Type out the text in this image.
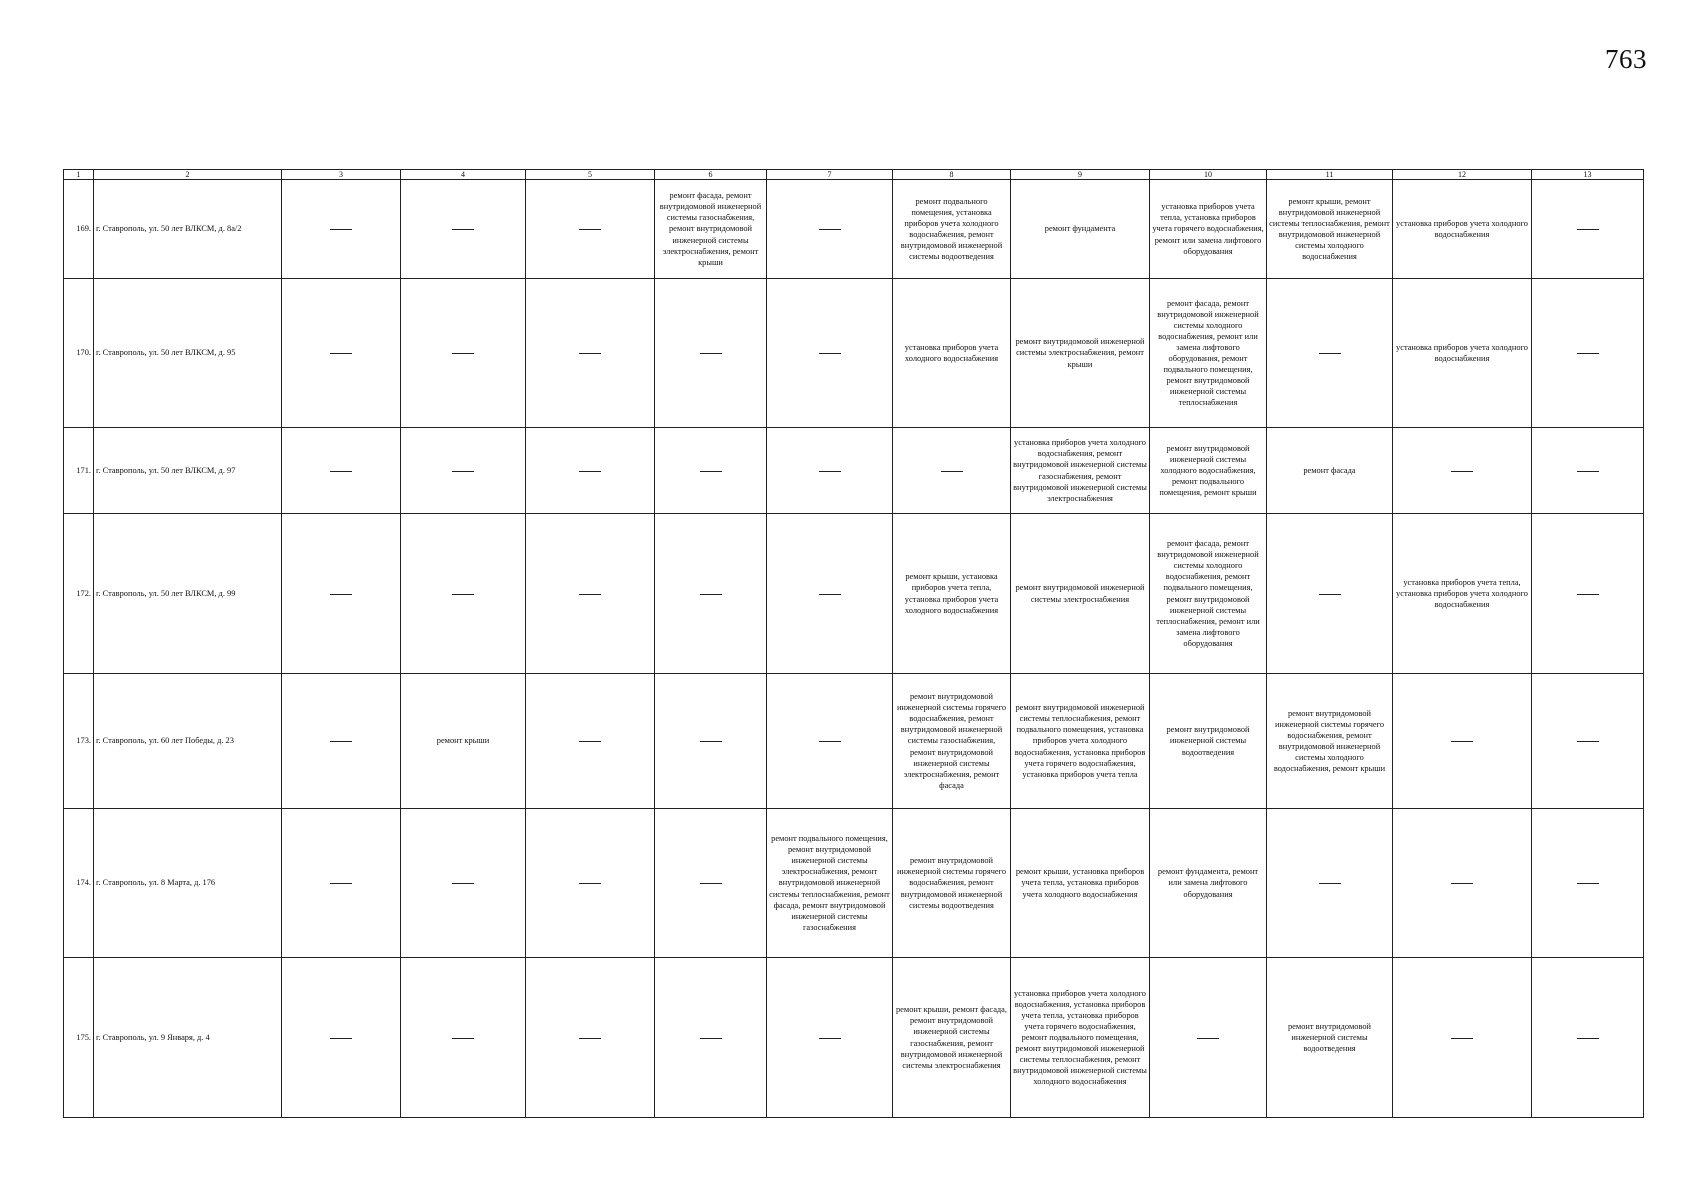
763
1	2	3	4	5	6	7	8	9	10	11	12	13
169.	г. Ставрополь, ул. 50 лет ВЛКСМ, д. 8а/2				ремонт фасада, ремонт внутридомовой инженерной системы газоснабжения, ремонт внутридомовой инженерной системы электроснабжения, ремонт крыши		ремонт подвального помещения, установка приборов учета холодного водоснабжения, ремонт внутридомовой инженерной системы водоотведения	ремонт фундамента	установка приборов учета тепла, установка приборов учета горячего водоснабжения, ремонт или замена лифтового оборудования	ремонт крыши, ремонт внутридомовой инженерной системы теплоснабжения, ремонт внутридомовой инженерной системы холодного водоснабжения	установка приборов учета холодного водоснабжения	
170.	г. Ставрополь, ул. 50 лет ВЛКСМ, д. 95						установка приборов учета холодного водоснабжения	ремонт внутридомовой инженерной системы электроснабжения, ремонт крыши	ремонт фасада, ремонт внутридомовой инженерной системы холодного водоснабжения, ремонт или замена лифтового оборудования, ремонт подвального помещения, ремонт внутридомовой инженерной системы теплоснабжения		установка приборов учета холодного водоснабжения	
171.	г. Ставрополь, ул. 50 лет ВЛКСМ, д. 97							установка приборов учета холодного водоснабжения, ремонт внутридомовой инженерной системы газоснабжения, ремонт внутридомовой инженерной системы электроснабжения	ремонт внутридомовой инженерной системы холодного водоснабжения, ремонт подвального помещения, ремонт крыши	ремонт фасада		
172.	г. Ставрополь, ул. 50 лет ВЛКСМ, д. 99						ремонт крыши, установка приборов учета тепла, установка приборов учета холодного водоснабжения	ремонт внутридомовой инженерной системы электроснабжения	ремонт фасада, ремонт внутридомовой инженерной системы холодного водоснабжения, ремонт подвального помещения, ремонт внутридомовой инженерной системы теплоснабжения, ремонт или замена лифтового оборудования		установка приборов учета тепла, установка приборов учета холодного водоснабжения	
173.	г. Ставрополь, ул. 60 лет Победы, д. 23		ремонт крыши				ремонт внутридомовой инженерной системы горячего водоснабжения, ремонт внутридомовой инженерной системы газоснабжения, ремонт внутридомовой инженерной системы электроснабжения, ремонт фасада	ремонт внутридомовой инженерной системы теплоснабжения, ремонт подвального помещения, установка приборов учета холодного водоснабжения, установка приборов учета горячего водоснабжения, установка приборов учета тепла	ремонт внутридомовой инженерной системы водоотведения	ремонт внутридомовой инженерной системы горячего водоснабжения, ремонт внутридомовой инженерной системы холодного водоснабжения, ремонт крыши		
174.	г. Ставрополь, ул. 8 Марта, д. 176					ремонт подвального помещения, ремонт внутридомовой инженерной системы электроснабжения, ремонт внутридомовой инженерной системы теплоснабжения, ремонт фасада, ремонт внутридомовой инженерной системы газоснабжения	ремонт внутридомовой инженерной системы горячего водоснабжения, ремонт внутридомовой инженерной системы водоотведения	ремонт крыши, установка приборов учета тепла, установка приборов учета холодного водоснабжения	ремонт фундамента, ремонт или замена лифтового оборудования			
175.	г. Ставрополь, ул. 9 Января, д. 4						ремонт крыши, ремонт фасада, ремонт внутридомовой инженерной системы газоснабжения, ремонт внутридомовой инженерной системы электроснабжения	установка приборов учета холодного водоснабжения, установка приборов учета тепла, установка приборов учета горячего водоснабжения, ремонт подвального помещения, ремонт внутридомовой инженерной системы теплоснабжения, ремонт внутридомовой инженерной системы холодного водоснабжения		ремонт внутридомовой инженерной системы водоотведения		
